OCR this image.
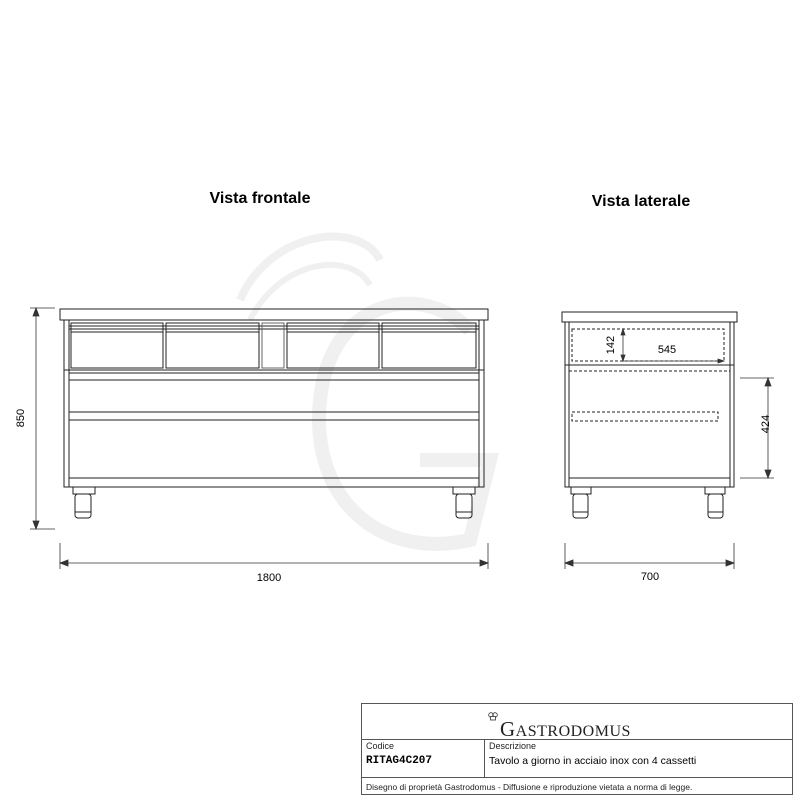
Vista frontale	Vista laterale
850
1800
142	545
424
700
GASTRODOMUS
Codice
RITAG4C207
Descrizione
Tavolo a giorno in acciaio inox con 4 cassetti
Disegno di proprietà Gastrodomus - Diffusione e riproduzione vietata a norma di legge.
